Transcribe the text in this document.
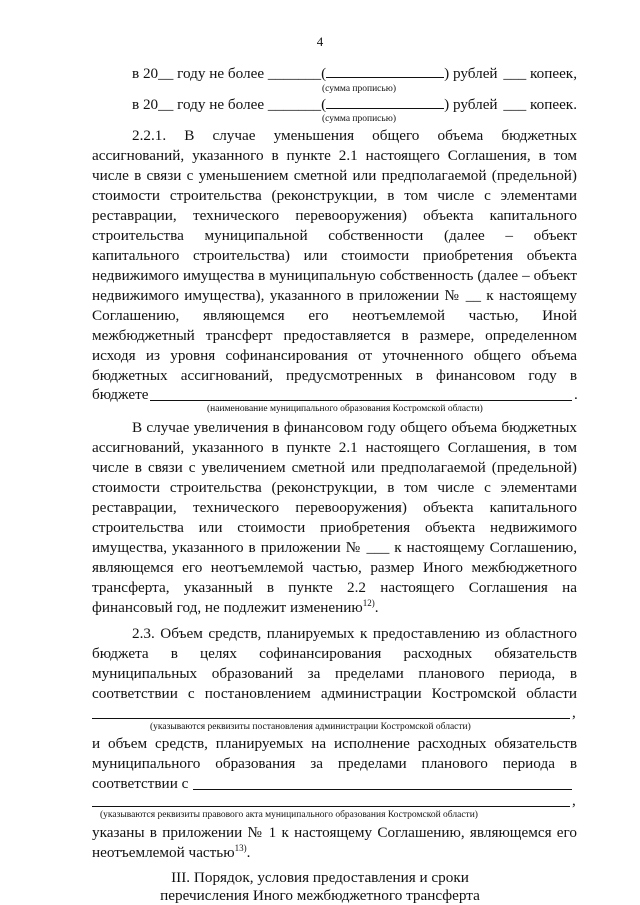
4
в 20__ году не более _______(	) рублей ___ копеек,
(сумма прописью)
в 20__ году не более _______(	) рублей ___ копеек.
(сумма прописью)
2.2.1. В случае уменьшения общего объема бюджетных
ассигнований, указанного в пункте 2.1 настоящего Соглашения, в том
числе в связи с уменьшением сметной или предполагаемой (предельной)
стоимости строительства (реконструкции, в том числе с элементами
реставрации, технического перевооружения) объекта капитального
строительства муниципальной собственности (далее – объект
капитального строительства) или стоимости приобретения объекта
недвижимого имущества в муниципальную собственность (далее – объект
недвижимого имущества), указанного в приложении № __ к настоящему
Соглашению, являющемся его неотъемлемой частью, Иной
межбюджетный трансферт предоставляется в размере, определенном
исходя из уровня софинансирования от уточненного общего объема
бюджетных ассигнований, предусмотренных в финансовом году в
бюджете	.
(наименование муниципального образования Костромской области)
В случае увеличения в финансовом году общего объема бюджетных
ассигнований, указанного в пункте 2.1 настоящего Соглашения, в том
числе в связи с увеличением сметной или предполагаемой (предельной)
стоимости строительства (реконструкции, в том числе с элементами
реставрации, технического перевооружения) объекта капитального
строительства или стоимости приобретения объекта недвижимого
имущества, указанного в приложении № ___ к настоящему Соглашению,
являющемся его неотъемлемой частью, размер Иного межбюджетного
трансферта, указанный в пункте 2.2 настоящего Соглашения на
финансовый год, не подлежит изменению$^{12)}$.
2.3. Объем средств, планируемых к предоставлению из областного
бюджета в целях софинансирования расходных обязательств
муниципальных образований за пределами планового периода, в
соответствии с постановлением администрации Костромской области
,
(указываются реквизиты постановления администрации Костромской области)
и объем средств, планируемых на исполнение расходных обязательств
муниципального образования за пределами планового периода в
соответствии с
,
(указываются реквизиты правового акта муниципального образования Костромской области)
указаны в приложении № 1 к настоящему Соглашению, являющемся его
неотъемлемой частью$^{13)}$.
III. Порядок, условия предоставления и сроки
перечисления Иного межбюджетного трансферта
